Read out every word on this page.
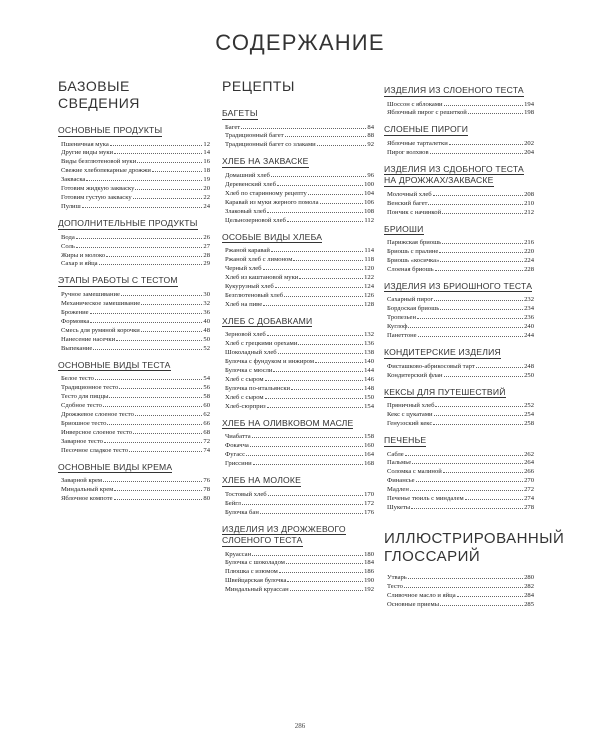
СОДЕРЖАНИЕ
БАЗОВЫЕ СВЕДЕНИЯ
ОСНОВНЫЕ ПРОДУКТЫ
Пшеничная мука	12
Другие виды муки	14
Виды безглютеновой муки	16
Свежие хлебопекарные дрожжи	18
Закваска	19
Готовим жидкую закваску	20
Готовим густую закваску	22
Пулиш	24
ДОПОЛНИТЕЛЬНЫЕ ПРОДУКТЫ
Вода	26
Соль	27
Жиры и молоко	28
Сахар и яйца	29
ЭТАПЫ РАБОТЫ С ТЕСТОМ
Ручное замешивание	30
Механическое замешивание	32
Брожение	36
Формовка	40
Смесь для румяной корочки	48
Нанесение насечки	50
Выпекание	52
ОСНОВНЫЕ ВИДЫ ТЕСТА
Белое тесто	54
Традиционное тесто	56
Тесто для пиццы	58
Сдобное тесто	60
Дрожжевое слоеное тесто	62
Бриошное тесто	66
Инверсное слоеное тесто	68
Заварное тесто	72
Песочное сладкое тесто	74
ОСНОВНЫЕ ВИДЫ КРЕМА
Заварной крем	76
Миндальный крем	78
Яблочное компоте	80
РЕЦЕПТЫ
БАГЕТЫ
Багет	84
Традиционный багет	88
Традиционный багет со злаками	92
ХЛЕБ НА ЗАКВАСКЕ
Домашний хлеб	96
Деревенский хлеб	100
Хлеб по старинному рецепту	104
Каравай из муки жерного помола	106
Злаковый хлеб	108
Цельнозерновой хлеб	112
ОСОБЫЕ ВИДЫ ХЛЕБА
Ржаной каравай	114
Ржаной хлеб с лимоном	118
Черный хлеб	120
Хлеб из каштановой муки	122
Кукурузный хлеб	124
Безглютеновый хлеб	126
Хлеб на пиве	128
ХЛЕБ С ДОБАВКАМИ
Зерновой хлеб	132
Хлеб с грецкими орехами	136
Шоколадный хлеб	138
Булочка с фундуком и инжиром	140
Булочка с мюсли	144
Хлеб с сыром	146
Булочка по-итальянски	148
Хлеб с сыром	150
Хлеб-сюрприз	154
ХЛЕБ НА ОЛИВКОВОМ МАСЛЕ
Чиабатта	158
Фокачча	160
Фугасс	164
Гриссини	168
ХЛЕБ НА МОЛОКЕ
Тостовый хлеб	170
Бейгл	172
Булочка бан	176
ИЗДЕЛИЯ ИЗ ДРОЖЖЕВОГО
СЛОЕНОГО ТЕСТА
Круассан	180
Булочка с шоколадом	184
Плюшка с изюмом	186
Швейцарская булочка	190
Миндальный круассан	192
ИЗДЕЛИЯ ИЗ СЛОЕНОГО ТЕСТА
Шоссон с яблоками	194
Яблочный пирог с решеткой	198
СЛОЕНЫЕ ПИРОГИ
Яблочные тарталетки	202
Пирог волхвов	204
ИЗДЕЛИЯ ИЗ СДОБНОГО ТЕСТА
НА ДРОЖЖАХ/ЗАКВАСКЕ
Молочный хлеб	208
Венский багет	210
Пончик с начинкой	212
БРИОШИ
Парижская бриошь	216
Бриошь с пралине	220
Бриошь «косичка»	224
Слоеная бриошь	228
ИЗДЕЛИЯ ИЗ БРИОШНОГО ТЕСТА
Сахарный пирог	232
Бордоская бриошь	234
Тропезьен	236
Куглоф	240
Панеттоне	244
КОНДИТЕРСКИЕ ИЗДЕЛИЯ
Фисташково-абрикосовый тарт	248
Кондитерский флан	250
КЕКСЫ ДЛЯ ПУТЕШЕСТВИЙ
Пряничный хлеб	252
Кекс с цукатами	254
Генуэзский кекс	258
ПЕЧЕНЬЕ
Сабле	262
Пальмье	264
Соломка с малиной	266
Финансье	270
Мадлен	272
Печенье тюиль с миндалем	274
Шукеты	278
ИЛЛЮСТРИРОВАННЫЙ
ГЛОССАРИЙ
Утварь	280
Тесто	282
Сливочное масло и яйца	284
Основные приемы	285
286
